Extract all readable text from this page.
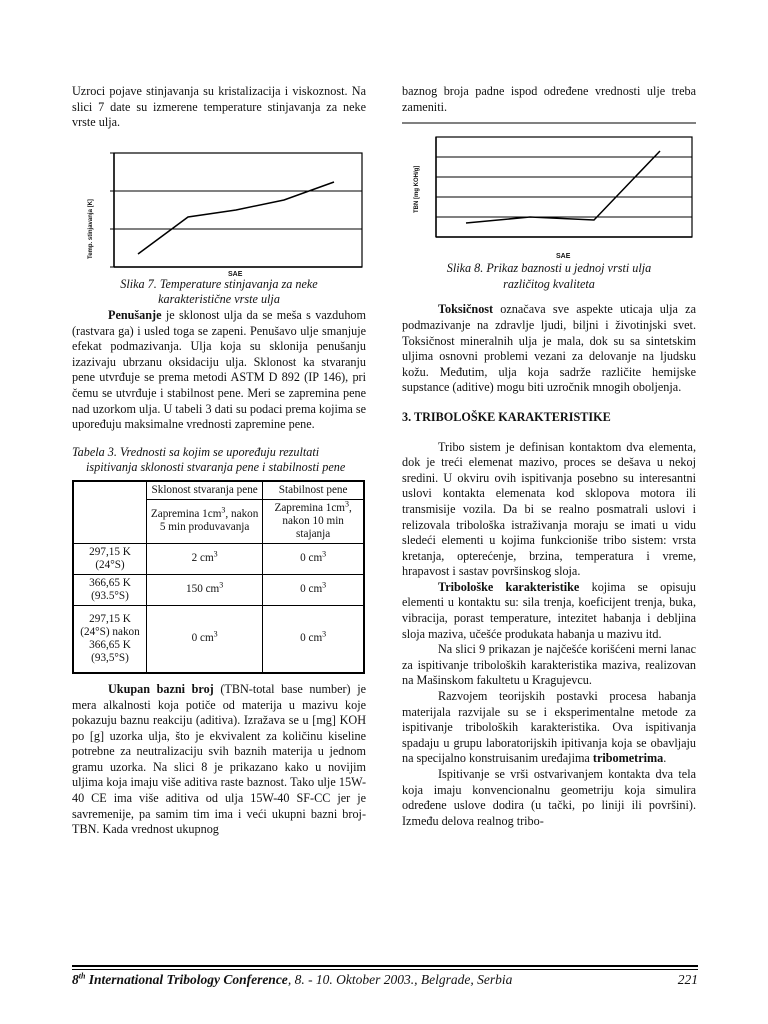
Uzroci pojave stinjavanja su kristalizacija i viskoznost. Na slici 7 date su izmerene temperature stinjavanja za neke vrste ulja.

Temp. stinjavanja [K]
SAE

Slika 7. Temperature stinjavanja za neke karakteristične vrste ulja

Penušanje je sklonost ulja da se meša s vazduhom (rastvara ga) i usled toga se zapeni. Penušavo ulje smanjuje efekat podmazivanja. Ulja koja su sklonija penušanju izazivaju ubrzanu oksidaciju ulja. Sklonost ka stvaranju pene utvrđuje se prema metodi ASTM D 892 (IP 146), pri čemu se utvrđuje i stabilnost pene. Meri se zapremina pene nad uzorkom ulja. U tabeli 3 dati su podaci prema kojima se upoređuju maksimalne vrednosti zapremine pene.

Tabela 3. Vrednosti sa kojim se upoređuju rezultati ispitivanja sklonosti stvaranja pene i stabilnosti pene

	Sklonost stvaranja pene	Stabilnost pene
	Zapremina $1cm^3$, nakon 5 min produvavanja	Zapremina $1cm^3$, nakon 10 min stajanja
297,15 K (24°S)	2 $cm^3$	0 $cm^3$
366,65 K (93.5°S)	150 $cm^3$	0 $cm^3$
297,15 K (24°S) nakon 366,65 K (93,5°S)	0 $cm^3$	0 $cm^3$

Ukupan bazni broj (TBN-total base number) je mera alkalnosti koja potiče od materija u mazivu koje pokazuju baznu reakciju (aditiva). Izražava se u [mg] KOH po [g] uzorka ulja, što je ekvivalent za količinu kiseline potrebne za neutralizaciju svih baznih materija u jednom gramu uzorka. Na slici 8 je prikazano kako u novijim uljima koja imaju više aditiva raste baznost. Tako ulje 15W-40 CE ima više aditiva od ulja 15W-40 SF-CC jer je savremenije, pa samim tim ima i veći ukupni bazni broj-TBN. Kada vrednost ukupnog

baznog broja padne ispod određene vrednosti ulje treba zameniti.

TBN [mg KOH/g]
SAE

Slika 8. Prikaz baznosti u jednoj vrsti ulja različitog kvaliteta

Toksičnost označava sve aspekte uticaja ulja za podmazivanje na zdravlje ljudi, biljni i životinjski svet. Toksičnost mineralnih ulja je mala, dok su sa sintetskim uljima osnovni problemi vezani za delovanje na ljudsku kožu. Međutim, ulja koja sadrže različite hemijske supstance (aditive) mogu biti uzročnik mnogih oboljenja.

3. TRIBOLOŠKE KARAKTERISTIKE

Tribo sistem je definisan kontaktom dva elementa, dok je treći elemenat mazivo, proces se dešava u nekoj sredini. U okviru ovih ispitivanja posebno su interesantni uslovi kontakta elemenata kod sklopova motora ili transmisije vozila. Da bi se realno posmatrali uslovi i relizovala tribološka istraživanja moraju se imati u vidu sledeći elementi u kojima funkcioniše tribo sistem: vrsta kretanja, opterećenje, brzina, temperatura i vreme, hrapavost i sastav površinskog sloja.

Tribološke karakteristike kojima se opisuju elementi u kontaktu su: sila trenja, koeficijent trenja, buka, vibracija, porast temperature, intezitet habanja i debljina sloja maziva, učešće produkata habanja u mazivu itd.

Na slici 9 prikazan je najčešće korišćeni merni lanac za ispitivanje triboloških karakteristika maziva, realizovan na Mašinskom fakultetu u Kragujevcu.

Razvojem teorijskih postavki procesa habanja materijala razvijale su se i eksperimentalne metode za ispitivanje triboloških karakteristika. Ova ispitivanja spadaju u grupu laboratorijskih ipitivanja koja se obavljaju na specijalno konstruisanim uređajima tribometrima.

Ispitivanje se vrši ostvarivanjem kontakta dva tela koja imaju konvencionalnu geometriju koja simulira određene uslove dodira (u tački, po liniji ili površini). Između delova realnog tribo-

8th International Tribology Conference, 8. - 10. Oktober 2003., Belgrade, Serbia	221
